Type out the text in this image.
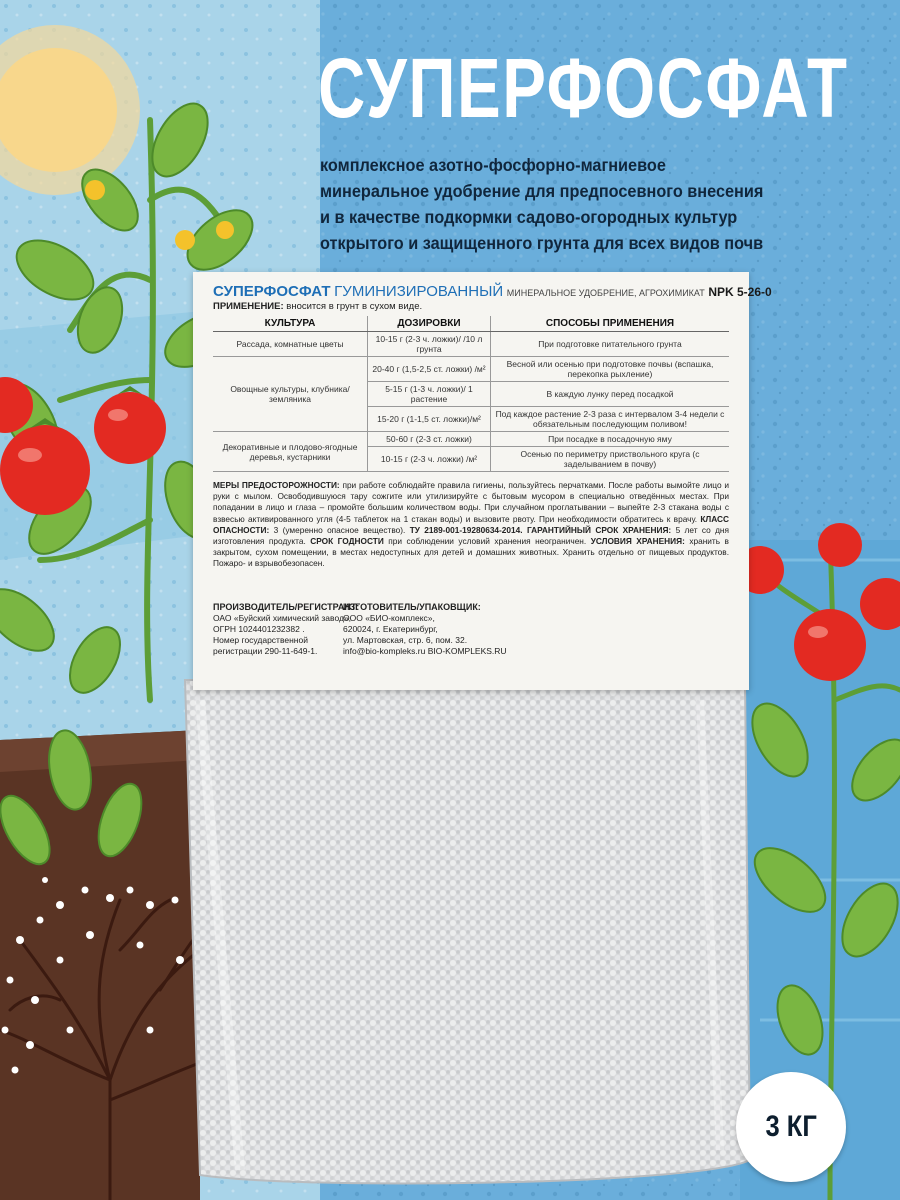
СУПЕРФОСФАТ
комплексное азотно-фосфорно-магниевое
минеральное удобрение для предпосевного внесения
и в качестве подкормки садово-огородных культур
открытого и защищенного грунта для всех видов почв
СУПЕРФОСФАТ ГУМИНИЗИРОВАННЫЙ МИНЕРАЛЬНОЕ УДОБРЕНИЕ, АГРОХИМИКАТ NPK 5-26-0
ПРИМЕНЕНИЕ: вносится в грунт в сухом виде.
КУЛЬТУРА	ДОЗИРОВКИ	СПОСОБЫ ПРИМЕНЕНИЯ
Рассада, комнатные цветы	10-15 г (2-3 ч. ложки)/ /10 л грунта	При подготовке питательного грунта
Овощные культуры, клубника/земляника	20-40 г (1,5-2,5 ст. ложки) /м²	Весной или осенью при подготовке почвы (вспашка, перекопка рыхление)
	5-15 г (1-3 ч. ложки)/ 1 растение	В каждую лунку перед посадкой
	15-20 г (1-1,5 ст. ложки)/м²	Под каждое растение 2-3 раза с интервалом 3-4 недели с обязательным последующим поливом!
Декоративные и плодово-ягодные деревья, кустарники	50-60 г (2-3 ст. ложки)	При посадке в посадочную яму
	10-15 г (2-3 ч. ложки) /м²	Осенью по периметру приствольного круга (с заделыванием в почву)
МЕРЫ ПРЕДОСТОРОЖНОСТИ: при работе соблюдайте правила гигиены, пользуйтесь перчатками. После работы вымойте лицо и руки с мылом. Освободившуюся тару сожгите или утилизируйте с бытовым мусором в специально отведённых местах. При попадании в лицо и глаза – промойте большим количеством воды. При случайном проглатывании – выпейте 2-3 стакана воды с взвесью активированного угля (4-5 таблеток на 1 стакан воды) и вызовите рвоту. При необходимости обратитесь к врачу. КЛАСС ОПАСНОСТИ: 3 (умеренно опасное вещество). ТУ 2189-001-19280634-2014. ГАРАНТИЙНЫЙ СРОК ХРАНЕНИЯ: 5 лет со дня изготовления продукта. СРОК ГОДНОСТИ при соблюдении условий хранения неограничен. УСЛОВИЯ ХРАНЕНИЯ: хранить в закрытом, сухом помещении, в местах недоступных для детей и домашних животных. Хранить отдельно от пищевых продуктов. Пожаро- и взрывобезопасен.
ПРОИЗВОДИТЕЛЬ/РЕГИСТРАНТ:
ОАО «Буйский химический завод»,
ОГРН 1024401232382 .
Номер государственной
регистрации 290-11-649-1.
ИЗГОТОВИТЕЛЬ/УПАКОВЩИК:
ООО «БИО-комплекс»,
620024, г. Екатеринбург,
ул. Мартовская, стр. 6, пом. 32.
info@bio-kompleks.ru BIO-KOMPLEKS.RU
3 КГ
